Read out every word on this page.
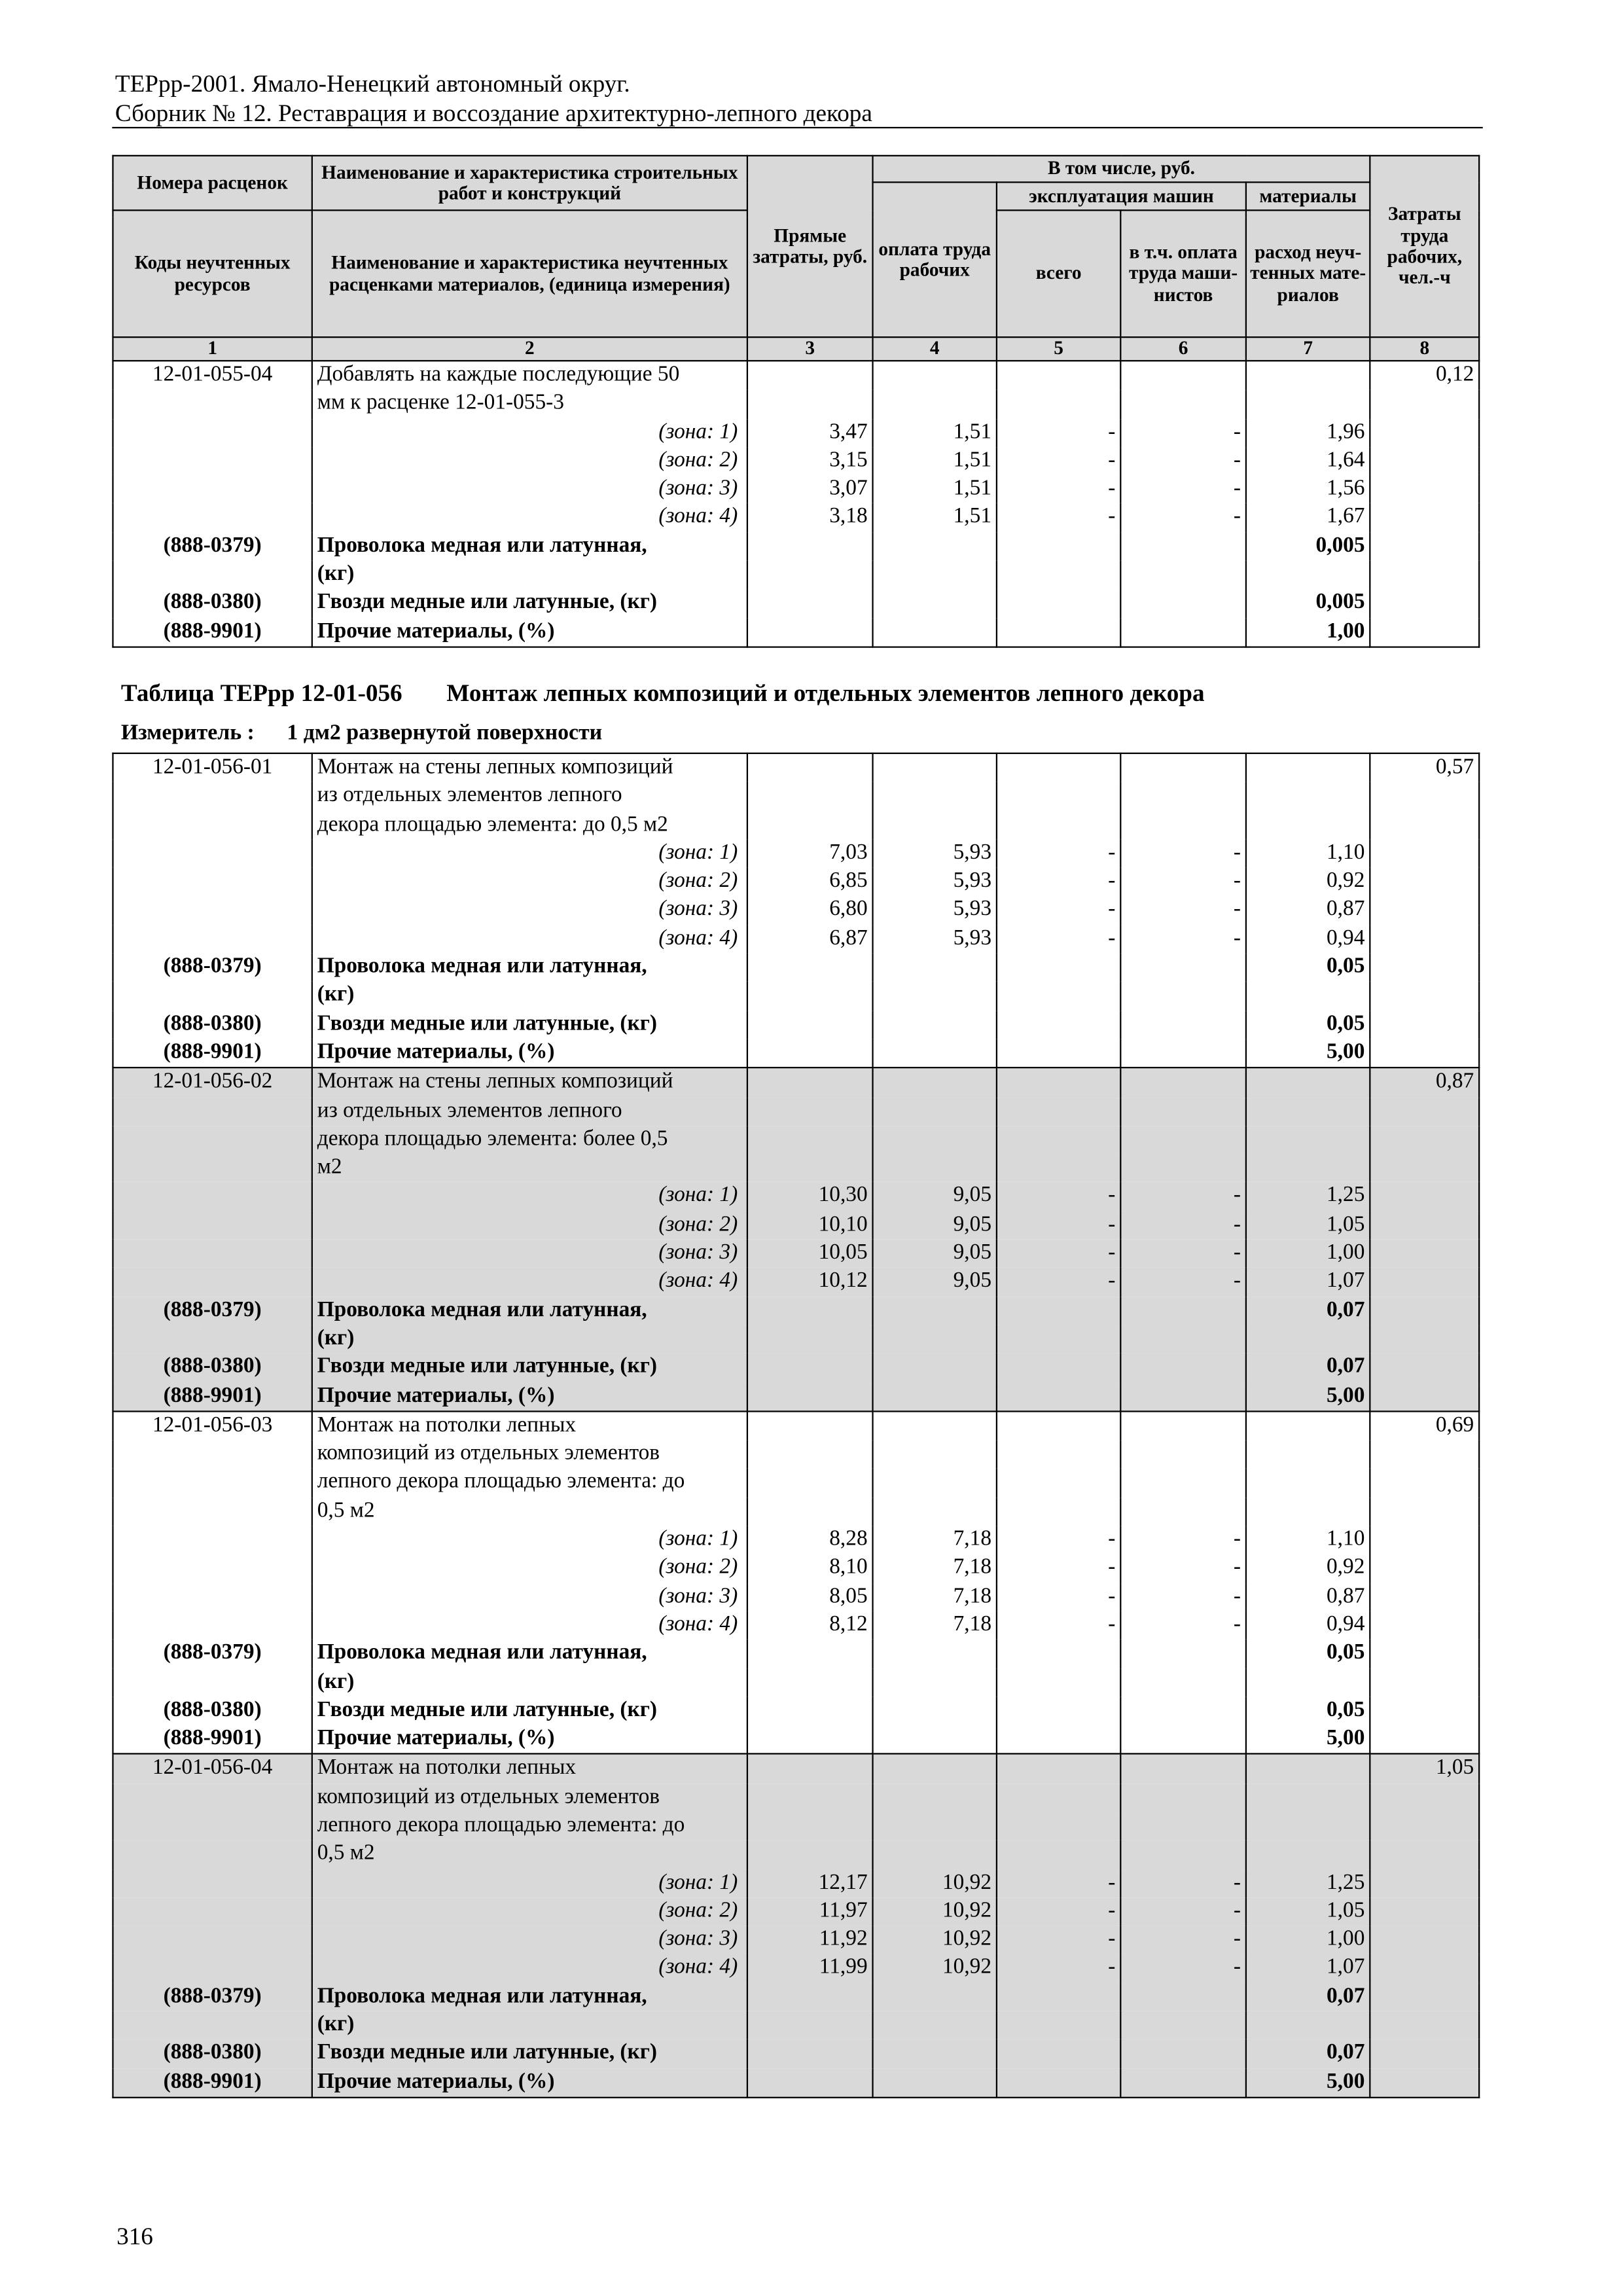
ТЕРрр-2001. Ямало-Ненецкий автономный округ.
Сборник № 12. Реставрация и воссоздание архитектурно-лепного декора
Номера расценок	Наименование и характеристика строительных работ и конструкций	Прямые затраты, руб.	В том числе, руб.				Затраты труда рабочих, чел.-ч
			оплата труда рабочих	эксплуатация машин		материалы	
Коды неучтенных ресурсов	Наименование и характеристика неучтенных расценками материалов, (единица измерения)			всего	в т.ч. оплата труда маши-нистов	расход неуч-тенных мате-риалов	

1	2	3	4	5	6	7	8
12-01-055-04	Добавлять на каждые последующие 50						0,12
	мм к расценке 12-01-055-3						
	(зона: 1)	3,47	1,51	-	-	1,96	
	(зона: 2)	3,15	1,51	-	-	1,64	
	(зона: 3)	3,07	1,51	-	-	1,56	
	(зона: 4)	3,18	1,51	-	-	1,67	
(888-0379)	Проволока медная или латунная,					0,005	
	(кг)						
(888-0380)	Гвозди медные или латунные, (кг)					0,005	
(888-9901)	Прочие материалы, (%)					1,00	
Таблица ТЕРрр 12-01-056	Монтаж лепных композиций и отдельных элементов лепного декора
Измеритель :	1 дм2 развернутой поверхности
12-01-056-01	Монтаж на стены лепных композиций						0,57
	из отдельных элементов лепного						
	декора площадью элемента: до 0,5 м2						
	(зона: 1)	7,03	5,93	-	-	1,10	
	(зона: 2)	6,85	5,93	-	-	0,92	
	(зона: 3)	6,80	5,93	-	-	0,87	
	(зона: 4)	6,87	5,93	-	-	0,94	
(888-0379)	Проволока медная или латунная,					0,05	
	(кг)						
(888-0380)	Гвозди медные или латунные, (кг)					0,05	
(888-9901)	Прочие материалы, (%)					5,00	
12-01-056-02	Монтаж на стены лепных композиций						0,87
	из отдельных элементов лепного						
	декора площадью элемента: более 0,5						
	м2						
	(зона: 1)	10,30	9,05	-	-	1,25	
	(зона: 2)	10,10	9,05	-	-	1,05	
	(зона: 3)	10,05	9,05	-	-	1,00	
	(зона: 4)	10,12	9,05	-	-	1,07	
(888-0379)	Проволока медная или латунная,					0,07	
	(кг)						
(888-0380)	Гвозди медные или латунные, (кг)					0,07	
(888-9901)	Прочие материалы, (%)					5,00	
12-01-056-03	Монтаж на потолки лепных						0,69
	композиций из отдельных элементов						
	лепного декора площадью элемента: до						
	0,5 м2						
	(зона: 1)	8,28	7,18	-	-	1,10	
	(зона: 2)	8,10	7,18	-	-	0,92	
	(зона: 3)	8,05	7,18	-	-	0,87	
	(зона: 4)	8,12	7,18	-	-	0,94	
(888-0379)	Проволока медная или латунная,					0,05	
	(кг)						
(888-0380)	Гвозди медные или латунные, (кг)					0,05	
(888-9901)	Прочие материалы, (%)					5,00	
12-01-056-04	Монтаж на потолки лепных						1,05
	композиций из отдельных элементов						
	лепного декора площадью элемента: до						
	0,5 м2						
	(зона: 1)	12,17	10,92	-	-	1,25	
	(зона: 2)	11,97	10,92	-	-	1,05	
	(зона: 3)	11,92	10,92	-	-	1,00	
	(зона: 4)	11,99	10,92	-	-	1,07	
(888-0379)	Проволока медная или латунная,					0,07	
	(кг)						
(888-0380)	Гвозди медные или латунные, (кг)					0,07	
(888-9901)	Прочие материалы, (%)					5,00	
316
